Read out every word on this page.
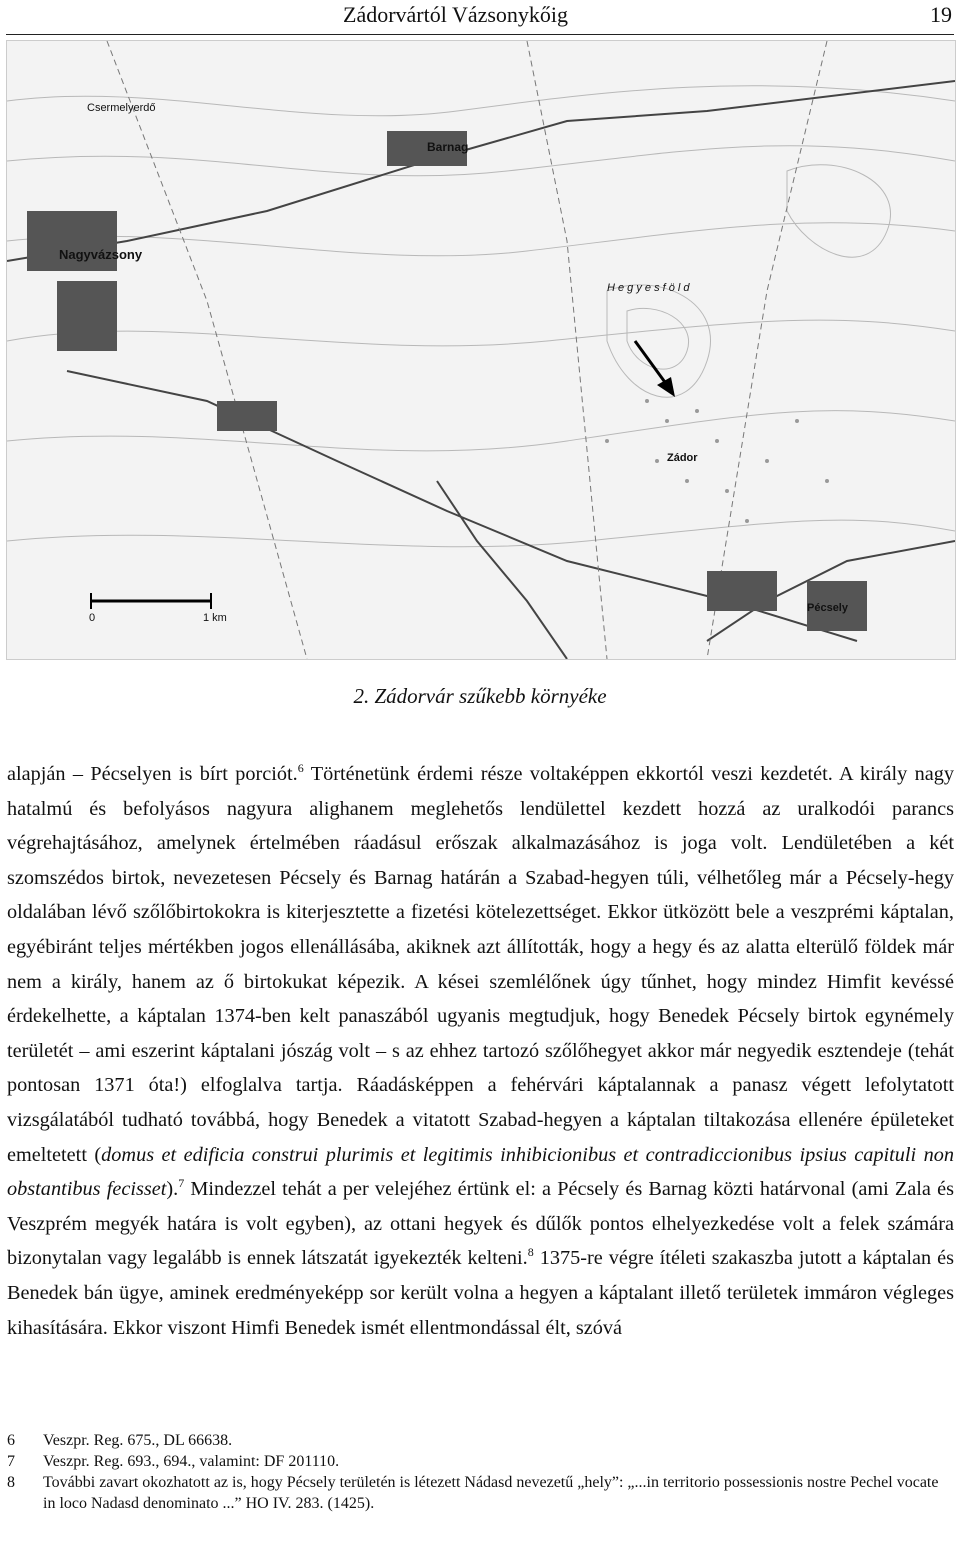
Zádorvártól Vázsonykőig	19
Nagyvázsony
Barnag
Zádor
Pécsely
Csermelyerdő
H e g y e s f ö l d
0	1 km
2. Zádorvár szűkebb környéke

alapján – Pécselyen is bírt porciót.$^6$ Történetünk érdemi része voltaképpen ekkortól veszi kezdetét. A király nagy hatalmú és befolyásos nagyura alighanem meglehetős lendülettel kezdett hozzá az uralkodói parancs végrehajtásához, amelynek értelmében ráadásul erőszak alkalmazásához is joga volt. Lendületében a két szomszédos birtok, nevezetesen Pécsely és Barnag határán a Szabad-hegyen túli, vélhetőleg már a Pécsely-hegy oldalában lévő szőlőbirtokokra is kiterjesztette a fizetési kötelezettséget. Ekkor ütközött bele a veszprémi káptalan, egyébiránt teljes mértékben jogos ellenállásába, akiknek azt állították, hogy a hegy és az alatta elterülő földek már nem a király, hanem az ő birtokukat képezik. A kései szemlélőnek úgy tűnhet, hogy mindez Himfit kevéssé érdekelhette, a káptalan 1374-ben kelt panaszából ugyanis megtudjuk, hogy Benedek Pécsely birtok egynémely területét – ami eszerint káptalani jószág volt – s az ehhez tartozó szőlőhegyet akkor már negyedik esztendeje (tehát pontosan 1371 óta!) elfoglalva tartja. Ráadásképpen a fehérvári káptalannak a panasz végett lefolytatott vizsgálatából tudható továbbá, hogy Benedek a vitatott Szabad-hegyen a káptalan tiltakozása ellenére épületeket emeltetett (domus et edificia construi plurimis et legitimis inhibicionibus et contradiccionibus ipsius capituli non obstantibus fecisset).$^7$ Mindezzel tehát a per velejéhez értünk el: a Pécsely és Barnag közti határvonal (ami Zala és Veszprém megyék határa is volt egyben), az ottani hegyek és dűlők pontos elhelyezkedése volt a felek számára bizonytalan vagy legalább is ennek látszatát igyekezték kelteni.$^8$ 1375-re végre ítéleti szakaszba jutott a káptalan és Benedek bán ügye, aminek eredményeképp sor került volna a hegyen a káptalant illető területek immáron végleges kihasítására. Ekkor viszont Himfi Benedek ismét ellentmondással élt, szóvá

6	Veszpr. Reg. 675., DL 66638.
7	Veszpr. Reg. 693., 694., valamint: DF 201110.
8	További zavart okozhatott az is, hogy Pécsely területén is létezett Nádasd nevezetű „hely”: „...in territorio possessionis nostre Pechel vocate in loco Nadasd denominato ...” HO IV. 283. (1425).
